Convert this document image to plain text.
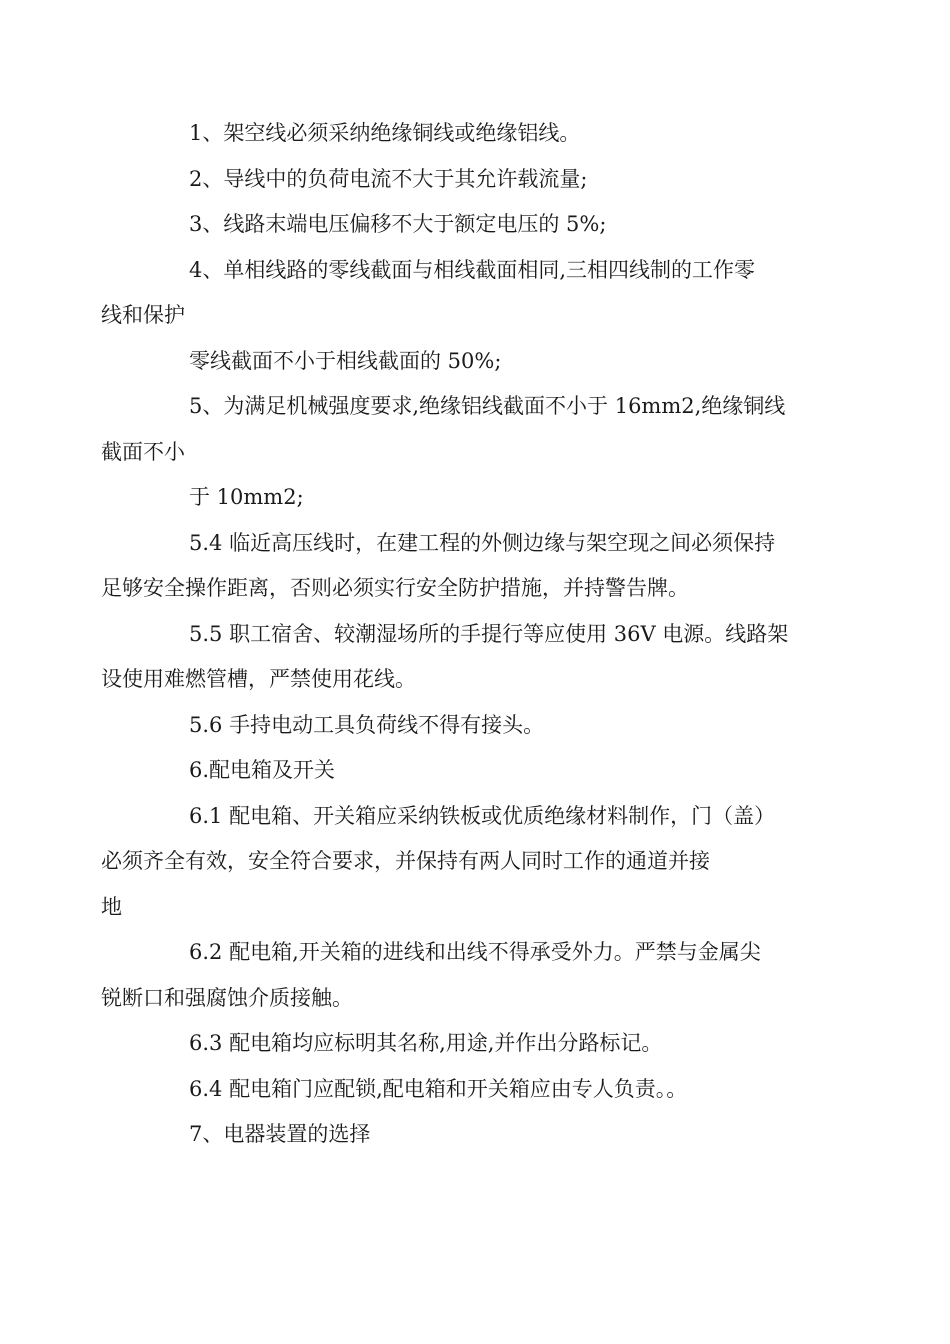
1、架空线必须采纳绝缘铜线或绝缘铝线。

2、导线中的负荷电流不大于其允许载流量;

3、线路末端电压偏移不大于额定电压的 5%;

4、单相线路的零线截面与相线截面相同,三相四线制的工作零
线和保护

零线截面不小于相线截面的 50%;

5、为满足机械强度要求,绝缘铝线截面不小于 16mm2,绝缘铜线
截面不小

于 10mm2;

5.4 临近高压线时，在建工程的外侧边缘与架空现之间必须保持
足够安全操作距离，否则必须实行安全防护措施，并持警告牌。

5.5 职工宿舍、较潮湿场所的手提行等应使用 36V 电源。线路架
设使用难燃管槽，严禁使用花线。

5.6 手持电动工具负荷线不得有接头。

6.配电箱及开关

6.1 配电箱、开关箱应采纳铁板或优质绝缘材料制作，门（盖）
必须齐全有效，安全符合要求，并保持有两人同时工作的通道并接
地

6.2 配电箱,开关箱的进线和出线不得承受外力。严禁与金属尖
锐断口和强腐蚀介质接触。

6.3 配电箱均应标明其名称,用途,并作出分路标记。

6.4 配电箱门应配锁,配电箱和开关箱应由专人负责。。

7、电器装置的选择
